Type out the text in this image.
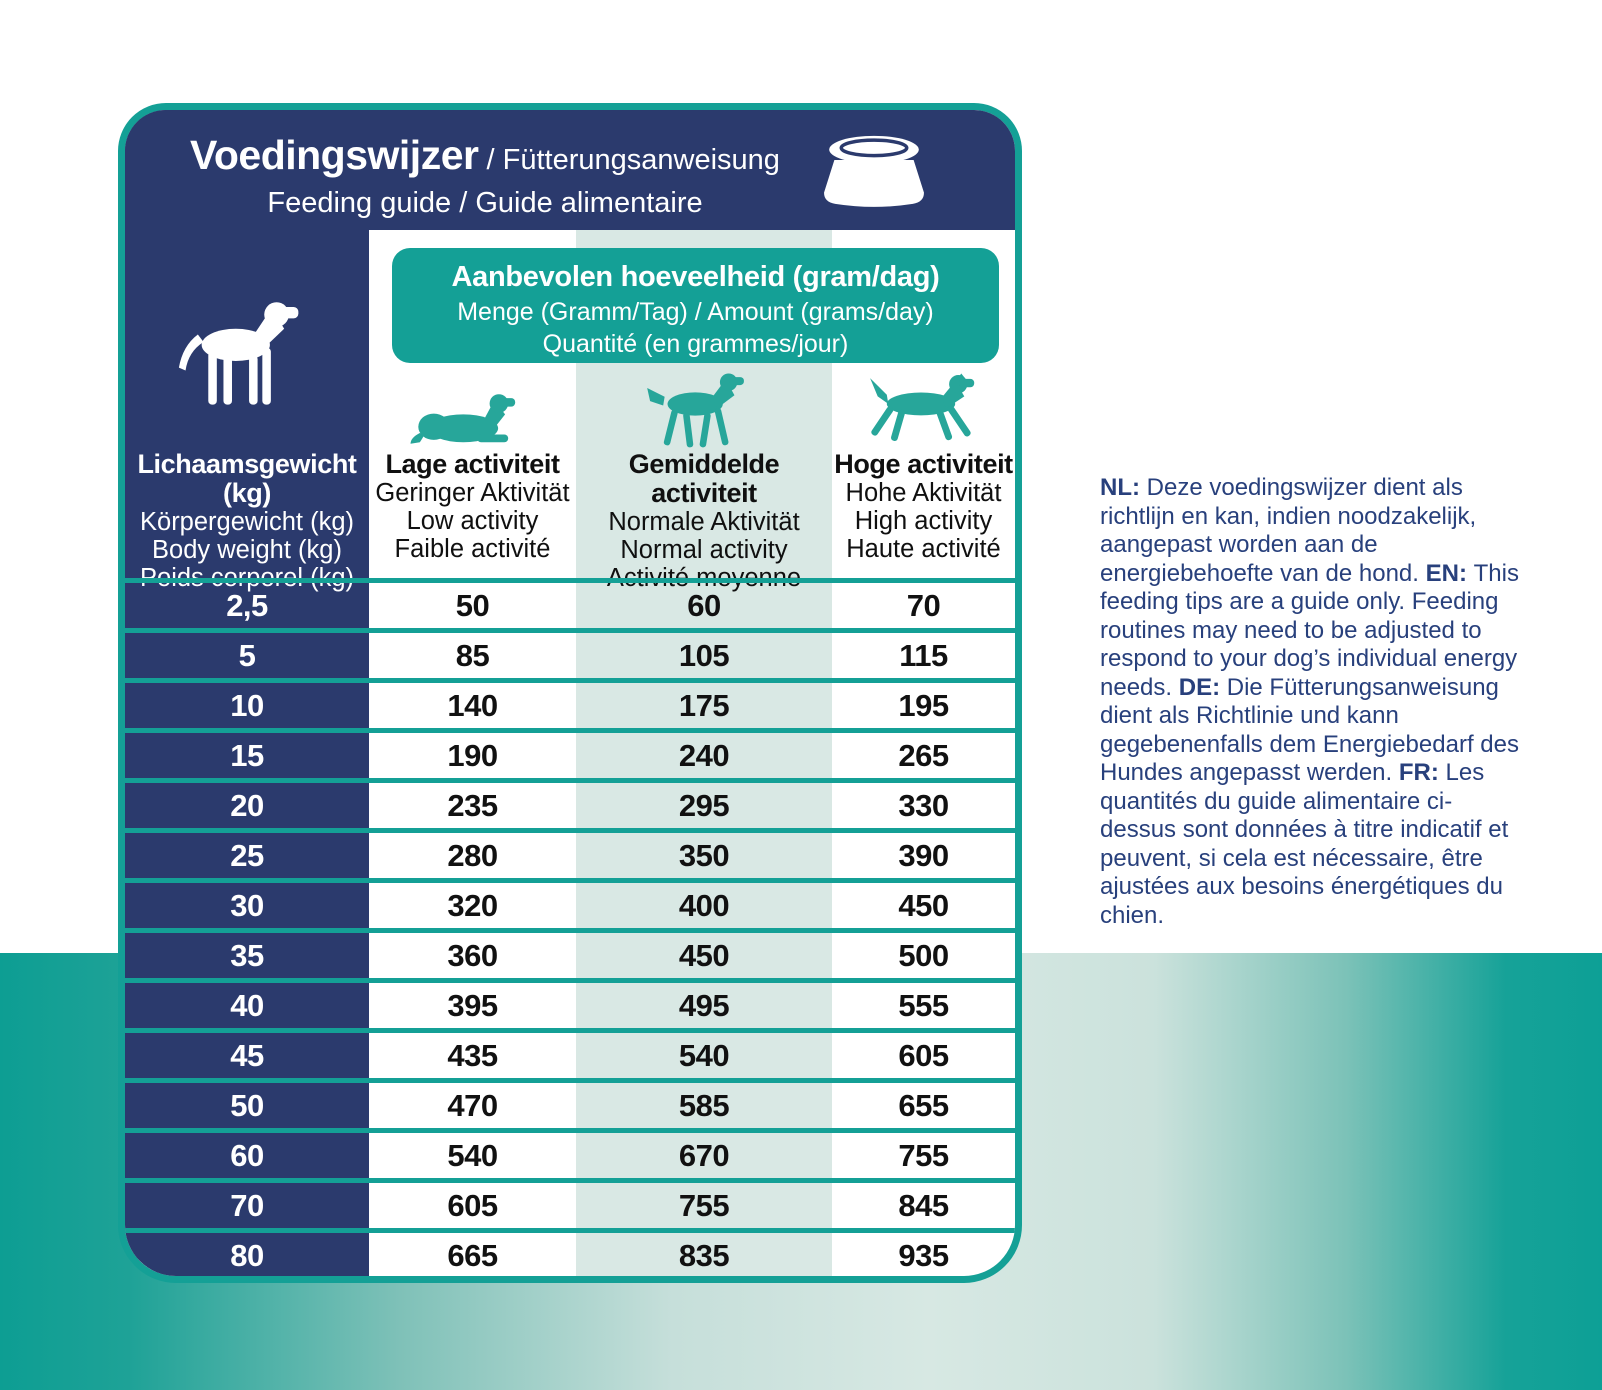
Voedingswijzer / Fütterungsanweisung
Feeding guide / Guide alimentaire
Aanbevolen hoeveelheid (gram/dag)
Menge (Gramm/Tag) / Amount (grams/day)
Quantité (en grammes/jour)
Lichaamsgewicht (kg)
Körpergewicht (kg)
Body weight (kg)
Poids corporel (kg)
Lage activiteit
Geringer Aktivität
Low activity
Faible activité
Gemiddelde activiteit
Normale Aktivität
Normal activity
Activité moyenne
Hoge activiteit
Hohe Aktivität
High activity
Haute activité
2,5	50	60	70
5	85	105	115
10	140	175	195
15	190	240	265
20	235	295	330
25	280	350	390
30	320	400	450
35	360	450	500
40	395	495	555
45	435	540	605
50	470	585	655
60	540	670	755
70	605	755	845
80	665	835	935

NL: Deze voedingswijzer dient als richtlijn en kan, indien noodzakelijk, aangepast worden aan de energiebehoefte van de hond. EN: This feeding tips are a guide only. Feeding routines may need to be adjusted to respond to your dog’s individual energy needs. DE: Die Fütterungsanweisung dient als Richtlinie und kann gegebenenfalls dem Energiebedarf des Hundes angepasst werden. FR: Les quantités du guide alimentaire ci-dessus sont données à titre indicatif et peuvent, si cela est nécessaire, être ajustées aux besoins énergétiques du chien.
